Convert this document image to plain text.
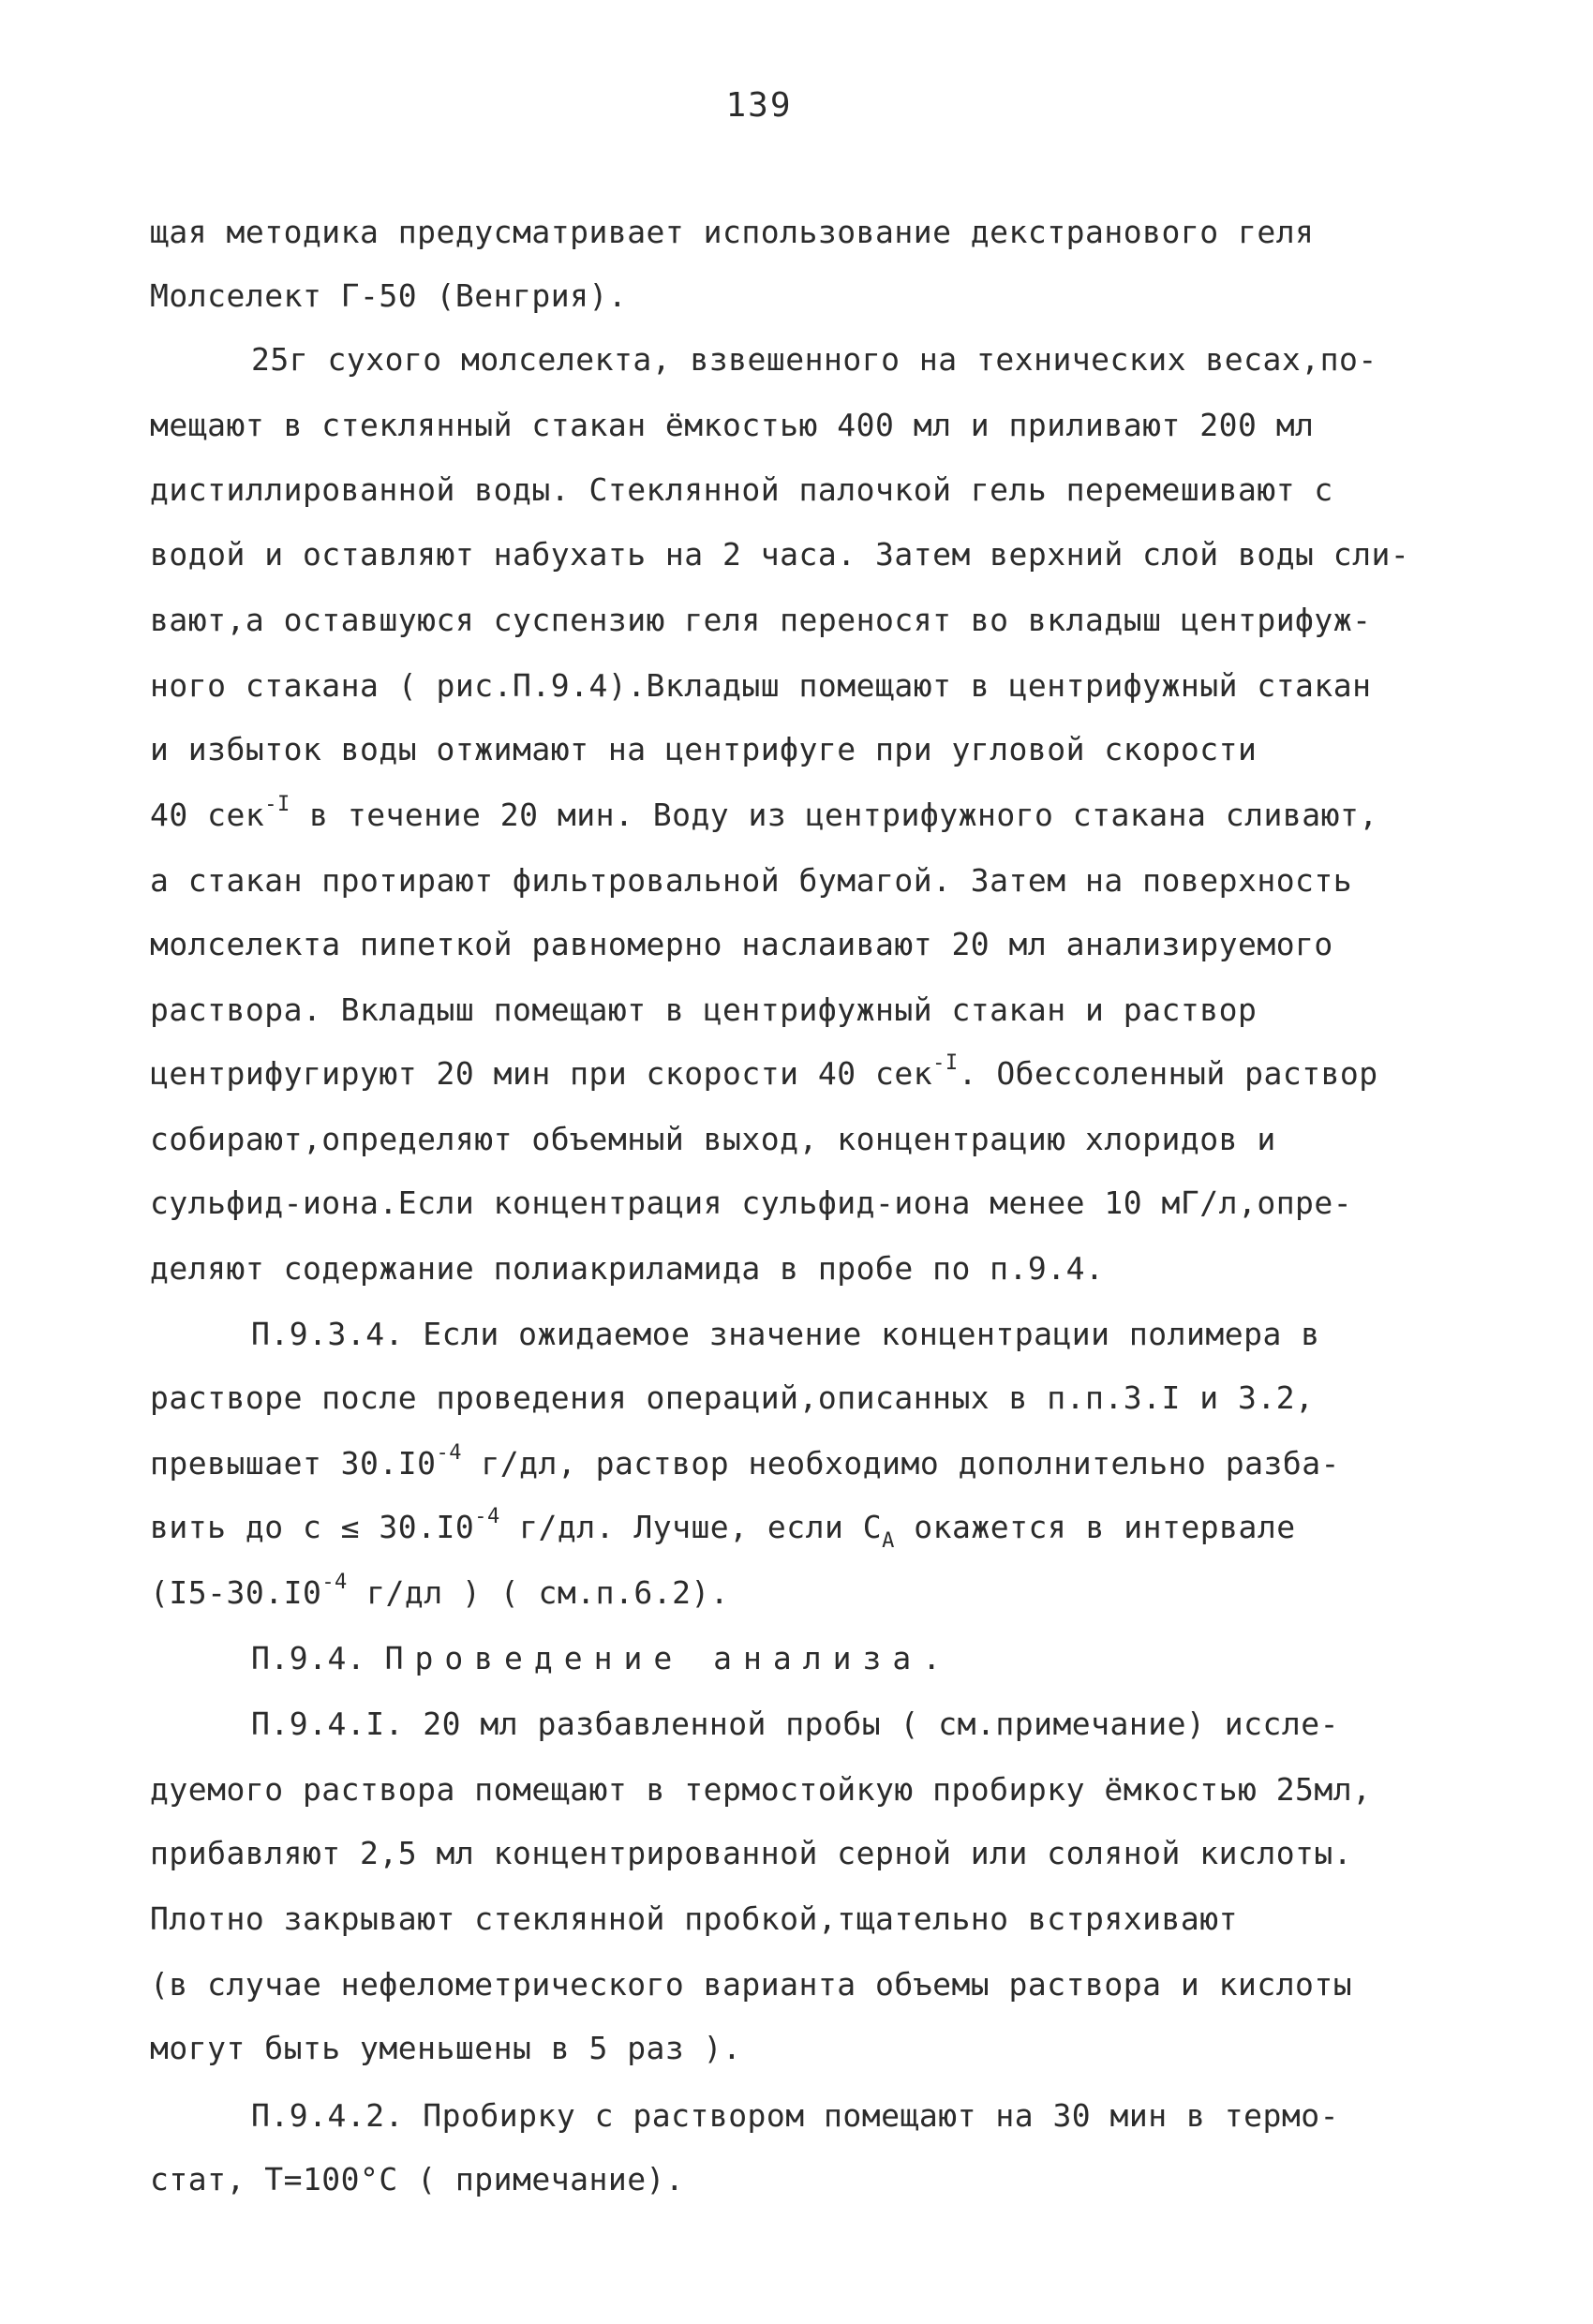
139
щая методика предусматривает использование декстранового геля
Молселект Г-50 (Венгрия).
25г сухого молселекта, взвешенного на технических весах,по-
мещают в стеклянный стакан ёмкостью 400 мл и приливают 200 мл
дистиллированной воды. Стеклянной палочкой гель перемешивают с
водой и оставляют набухать на 2 часа. Затем верхний слой воды сли-
вают,а оставшуюся суспензию геля переносят во вкладыш центрифуж-
ного стакана ( рис.П.9.4).Вкладыш помещают в центрифужный стакан
и избыток воды отжимают на центрифуге при угловой скорости
40 сек$^{-I}$ в течение 20 мин. Воду из центрифужного стакана сливают,
а стакан протирают фильтровальной бумагой. Затем на поверхность
молселекта пипеткой равномерно наслаивают 20 мл анализируемого
раствора. Вкладыш помещают в центрифужный стакан и раствор
центрифугируют 20 мин при скорости 40 сек$^{-I}$. Обессоленный раствор
собирают,определяют объемный выход, концентрацию хлоридов и
сульфид-иона.Если концентрация сульфид-иона менее 10 мГ/л,опре-
деляют содержание полиакриламида в пробе по п.9.4.
П.9.3.4. Если ожидаемое значение концентрации полимера в
растворе после проведения операций,описанных в п.п.3.I и 3.2,
превышает $30.I0^{-4}$ г/дл, раствор необходимо дополнительно разба-
вить до $с \le 30.I0^{-4}$ г/дл. Лучше, если $С_А$ окажется в интервале
($I5-30.I0^{-4}$ г/дл ) ( см.п.6.2).
П.9.4. Проведение анализа.
П.9.4.I. 20 мл разбавленной пробы ( см.примечание) иссле-
дуемого раствора помещают в термостойкую пробирку ёмкостью 25мл,
прибавляют 2,5 мл концентрированной серной или соляной кислоты.
Плотно закрывают стеклянной пробкой,тщательно встряхивают
(в случае нефелометрического варианта объемы раствора и кислоты
могут быть уменьшены в 5 раз ).
П.9.4.2. Пробирку с раствором помещают на 30 мин в термо-
стат, Т=100°С ( примечание).
